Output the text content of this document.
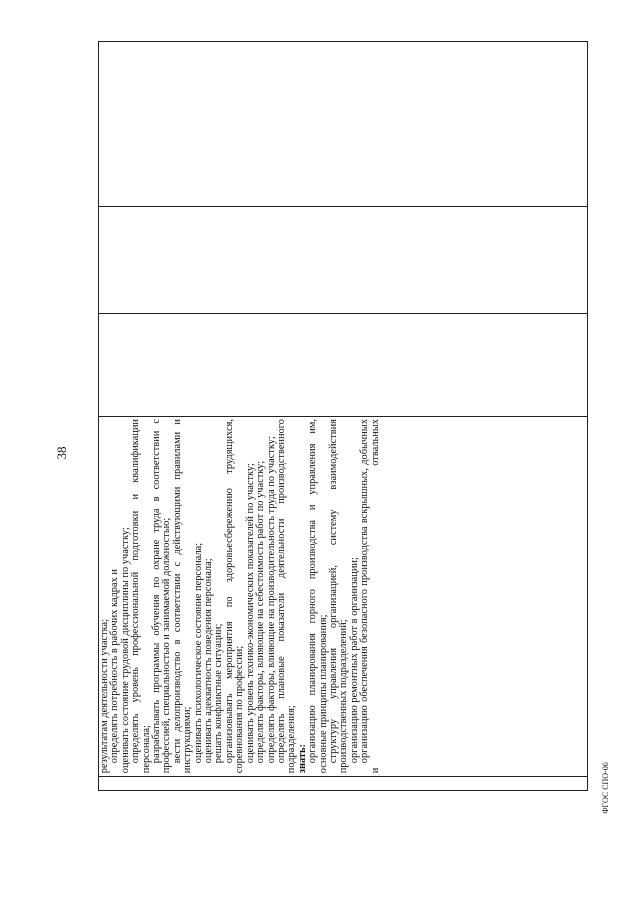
38

результатам деятельности участка; определять потребность в рабочих кадрах и оценивать состояние трудовой дисциплины по участку; определять уровень профессиональной подготовки и квалификации персонала; разрабатывать программы обучения по охране труда в соответствии с профессией, специальностью и занимаемой должностью; вести делопроизводство в соответствии с действующими правилами и инструкциями; оценивать психологическое состояние персонала; оценивать адекватность поведения персонала; решать конфликтные ситуации; организовывать мероприятия по здоровьесбережению трудящихся, соревнования по профессии; оценивать уровень технико-экономических показателей по участку; определять факторы, влияющие на себестоимость работ по участку; определять факторы, влияющие на производительность труда по участку; определять плановые показатели деятельности производственного подразделения; знать: организацию планирования горного производства и управления им, основные принципы планирования; структуру управления организацией, систему взаимодействия производственных подразделений; организацию ремонтных работ в организации; организацию обеспечения безопасного производства вскрышных, добычных и отвальных

ФГОС СПО-06
